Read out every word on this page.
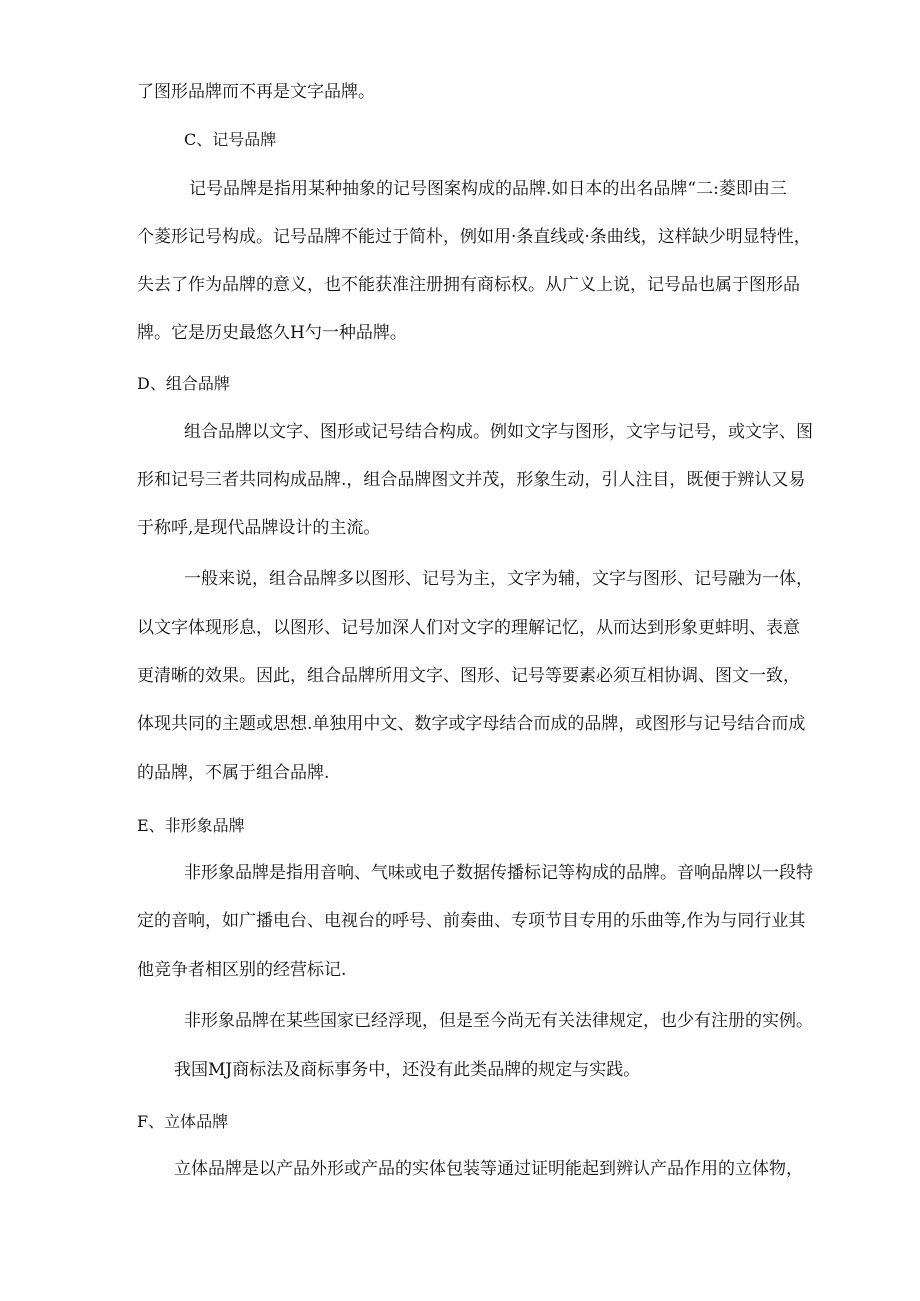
了图形品牌而不再是文字品牌。

C、记号品牌

记号品牌是指用某种抽象的记号图案构成的品牌.如日本的出名品牌“二:菱即由三

个菱形记号构成。记号品牌不能过于简朴，例如用·条直线或·条曲线，这样缺少明显特性，

失去了作为品牌的意义，也不能获准注册拥有商标权。从广义上说，记号品也属于图形品

牌。它是历史最悠久H勺一种品牌。

D、组合品牌

组合品牌以文字、图形或记号结合构成。例如文字与图形，文字与记号，或文字、图

形和记号三者共同构成品牌.，组合品牌图文并茂，形象生动，引人注目，既便于辨认又易

于称呼,是现代品牌设计的主流。

一般来说，组合品牌多以图形、记号为主，文字为辅，文字与图形、记号融为一体，

以文字体现形息，以图形、记号加深人们对文字的理解记忆，从而达到形象更蚌明、表意

更清晰的效果。因此，组合品牌所用文字、图形、记号等要素必须互相协调、图文一致，

体现共同的主题或思想.单独用中文、数字或字母结合而成的品牌，或图形与记号结合而成

的品牌，不属于组合品牌.

E、非形象品牌

非形象品牌是指用音响、气味或电子数据传播标记等构成的品牌。音响品牌以一段特

定的音响，如广播电台、电视台的呼号、前奏曲、专项节目专用的乐曲等,作为与同行业其

他竞争者相区别的经营标记.

非形象品牌在某些国家已经浮现，但是至今尚无有关法律规定，也少有注册的实例。

我国MJ商标法及商标事务中，还没有此类品牌的规定与实践。

F、立体品牌

立体品牌是以产品外形或产品的实体包装等通过证明能起到辨认产品作用的立体物，
